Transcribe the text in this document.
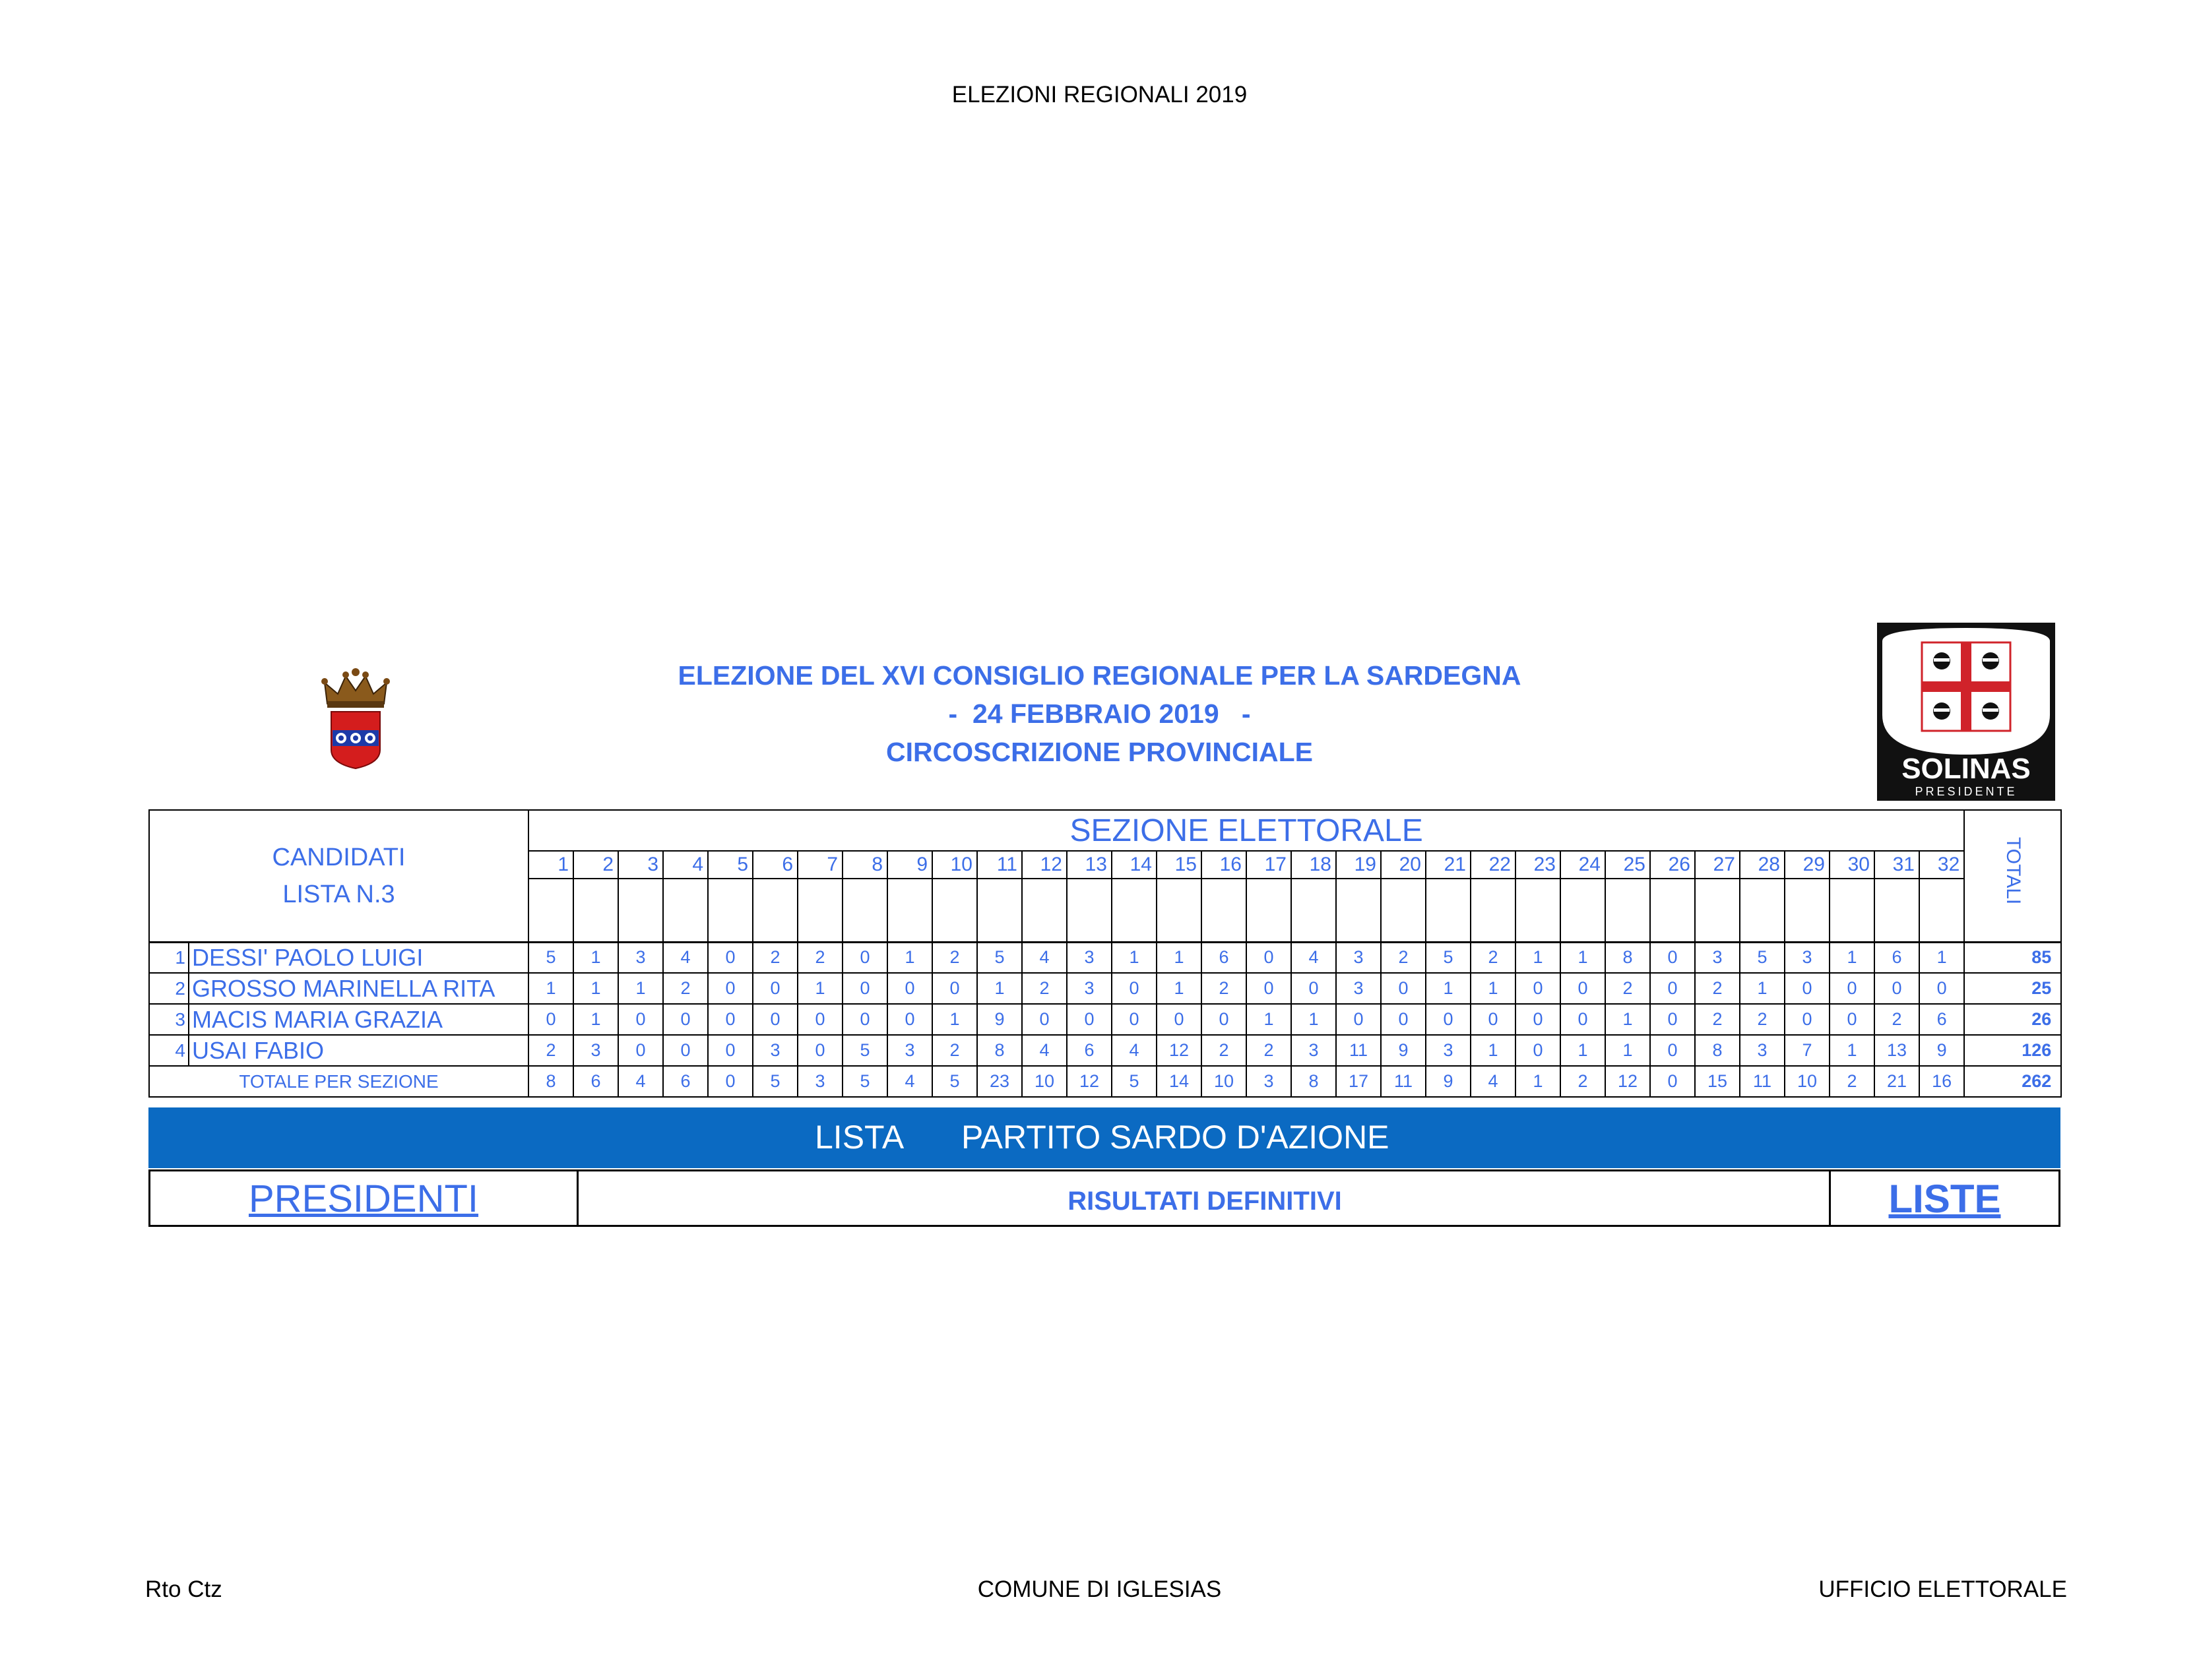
ELEZIONI REGIONALI 2019
ELEZIONE DEL XVI CONSIGLIO REGIONALE PER LA SARDEGNA
-  24 FEBBRAIO 2019   -
CIRCOSCRIZIONE PROVINCIALE
SOLINAS
PRESIDENTE
CANDIDATI
LISTA N.3		SEZIONE ELETTORALE																																TOTALI
		1	2	3	4	5	6	7	8	9	10	11	12	13	14	15	16	17	18	19	20	21	22	23	24	25	26	27	28	29	30	31	32	

1	DESSI' PAOLO LUIGI	5	1	3	4	0	2	2	0	1	2	5	4	3	1	1	6	0	4	3	2	5	2	1	1	8	0	3	5	3	1	6	1	85
2	GROSSO MARINELLA RITA	1	1	1	2	0	0	1	0	0	0	1	2	3	0	1	2	0	0	3	0	1	1	0	0	2	0	2	1	0	0	0	0	25
3	MACIS MARIA GRAZIA	0	1	0	0	0	0	0	0	0	1	9	0	0	0	0	0	1	1	0	0	0	0	0	0	1	0	2	2	0	0	2	6	26
4	USAI FABIO	2	3	0	0	0	3	0	5	3	2	8	4	6	4	12	2	2	3	11	9	3	1	0	1	1	0	8	3	7	1	13	9	126
TOTALE PER SEZIONE		8	6	4	6	0	5	3	5	4	5	23	10	12	5	14	10	3	8	17	11	9	4	1	2	12	0	15	11	10	2	21	16	262
LISTA PARTITO SARDO D'AZIONE
PRESIDENTI	RISULTATI DEFINITIVI	LISTE
Rto Ctz	COMUNE DI IGLESIAS	UFFICIO ELETTORALE
